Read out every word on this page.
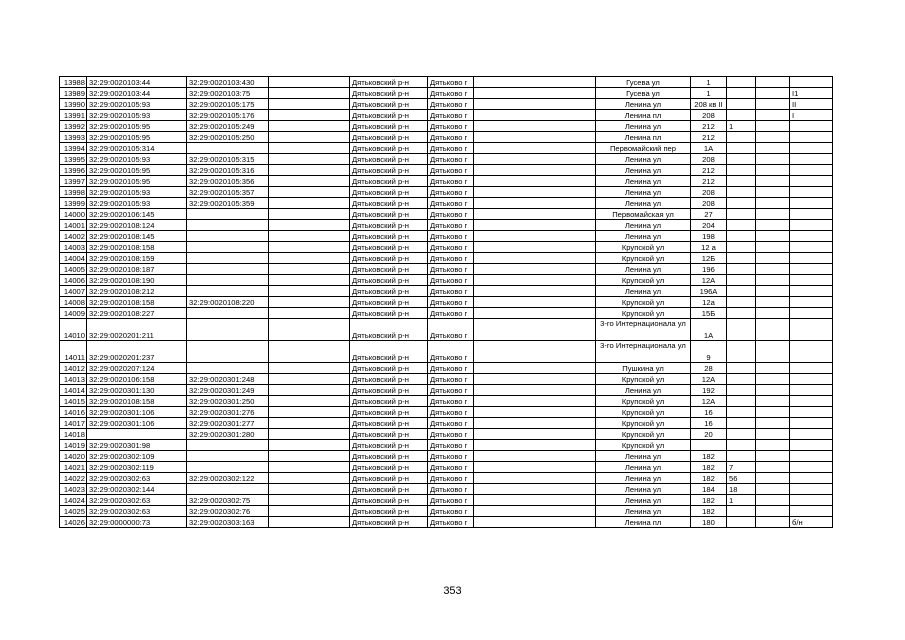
13988	32:29:0020103:44	32:29:0020103:430		Дятьковский р-н	Дятьково г		Гусева ул	1			
13989	32:29:0020103:44	32:29:0020103:75		Дятьковский р-н	Дятьково г		Гусева ул	1			I1
13990	32:29:0020105:93	32:29:0020105:175		Дятьковский р-н	Дятьково г		Ленина ул	208 кв II			II
13991	32:29:0020105:93	32:29:0020105:176		Дятьковский р-н	Дятьково г		Ленина пл	208			I
13992	32:29:0020105:95	32:29:0020105:249		Дятьковский р-н	Дятьково г		Ленина ул	212	1		
13993	32:29:0020105:95	32:29:0020105:250		Дятьковский р-н	Дятьково г		Ленина пл	212			
13994	32:29:0020105:314			Дятьковский р-н	Дятьково г		Первомайский пер	1А			
13995	32:29:0020105:93	32:29:0020105:315		Дятьковский р-н	Дятьково г		Ленина ул	208			
13996	32:29:0020105:95	32:29:0020105:316		Дятьковский р-н	Дятьково г		Ленина ул	212			
13997	32:29:0020105:95	32:29:0020105:356		Дятьковский р-н	Дятьково г		Ленина ул	212			
13998	32:29:0020105:93	32:29:0020105:357		Дятьковский р-н	Дятьково г		Ленина ул	208			
13999	32:29:0020105:93	32:29:0020105:359		Дятьковский р-н	Дятьково г		Ленина ул	208			
14000	32:29:0020106:145			Дятьковский р-н	Дятьково г		Первомайская ул	27			
14001	32:29:0020108:124			Дятьковский р-н	Дятьково г		Ленина ул	204			
14002	32:29:0020108:145			Дятьковский р-н	Дятьково г		Ленина ул	198			
14003	32:29:0020108:158			Дятьковский р-н	Дятьково г		Крупской ул	12 а			
14004	32:29:0020108:159			Дятьковский р-н	Дятьково г		Крупской ул	12Б			
14005	32:29:0020108:187			Дятьковский р-н	Дятьково г		Ленина ул	196			
14006	32:29:0020108:190			Дятьковский р-н	Дятьково г		Крупской ул	12А			
14007	32:29:0020108:212			Дятьковский р-н	Дятьково г		Ленина ул	196А			
14008	32:29:0020108:158	32:29:0020108:220		Дятьковский р-н	Дятьково г		Крупской ул	12а			
14009	32:29:0020108:227			Дятьковский р-н	Дятьково г		Крупской ул	15Б			
14010	32:29:0020201:211			Дятьковский р-н	Дятьково г		3-го Интернационала ул	1А			
14011	32:29:0020201:237			Дятьковский р-н	Дятьково г		3-го Интернационала ул	9			
14012	32:29:0020207:124			Дятьковский р-н	Дятьково г		Пушкина ул	28			
14013	32:29:0020106:158	32:29:0020301:248		Дятьковский р-н	Дятьково г		Крупской ул	12А			
14014	32:29:0020301:130	32:29:0020301:249		Дятьковский р-н	Дятьково г		Ленина ул	192			
14015	32:29:0020108:158	32:29:0020301:250		Дятьковский р-н	Дятьково г		Крупской ул	12А			
14016	32:29:0020301:106	32:29:0020301:276		Дятьковский р-н	Дятьково г		Крупской ул	16			
14017	32:29:0020301:106	32:29:0020301:277		Дятьковский р-н	Дятьково г		Крупской ул	16			
14018		32:29:0020301:280		Дятьковский р-н	Дятьково г		Крупской ул	20			
14019	32:29:0020301:98			Дятьковский р-н	Дятьково г		Крупской ул				
14020	32:29:0020302:109			Дятьковский р-н	Дятьково г		Ленина ул	182			
14021	32:29:0020302:119			Дятьковский р-н	Дятьково г		Ленина ул	182	7		
14022	32:29:0020302:63	32:29:0020302:122		Дятьковский р-н	Дятьково г		Ленина ул	182	56		
14023	32:29:0020302:144			Дятьковский р-н	Дятьково г		Ленина ул	184	18		
14024	32:29:0020302:63	32:29:0020302:75		Дятьковский р-н	Дятьково г		Ленина ул	182	1		
14025	32:29:0020302:63	32:29:0020302:76		Дятьковский р-н	Дятьково г		Ленина ул	182			
14026	32:29:0000000:73	32:29:0020303:163		Дятьковский р-н	Дятьково г		Ленина пл	180			б/н
353
